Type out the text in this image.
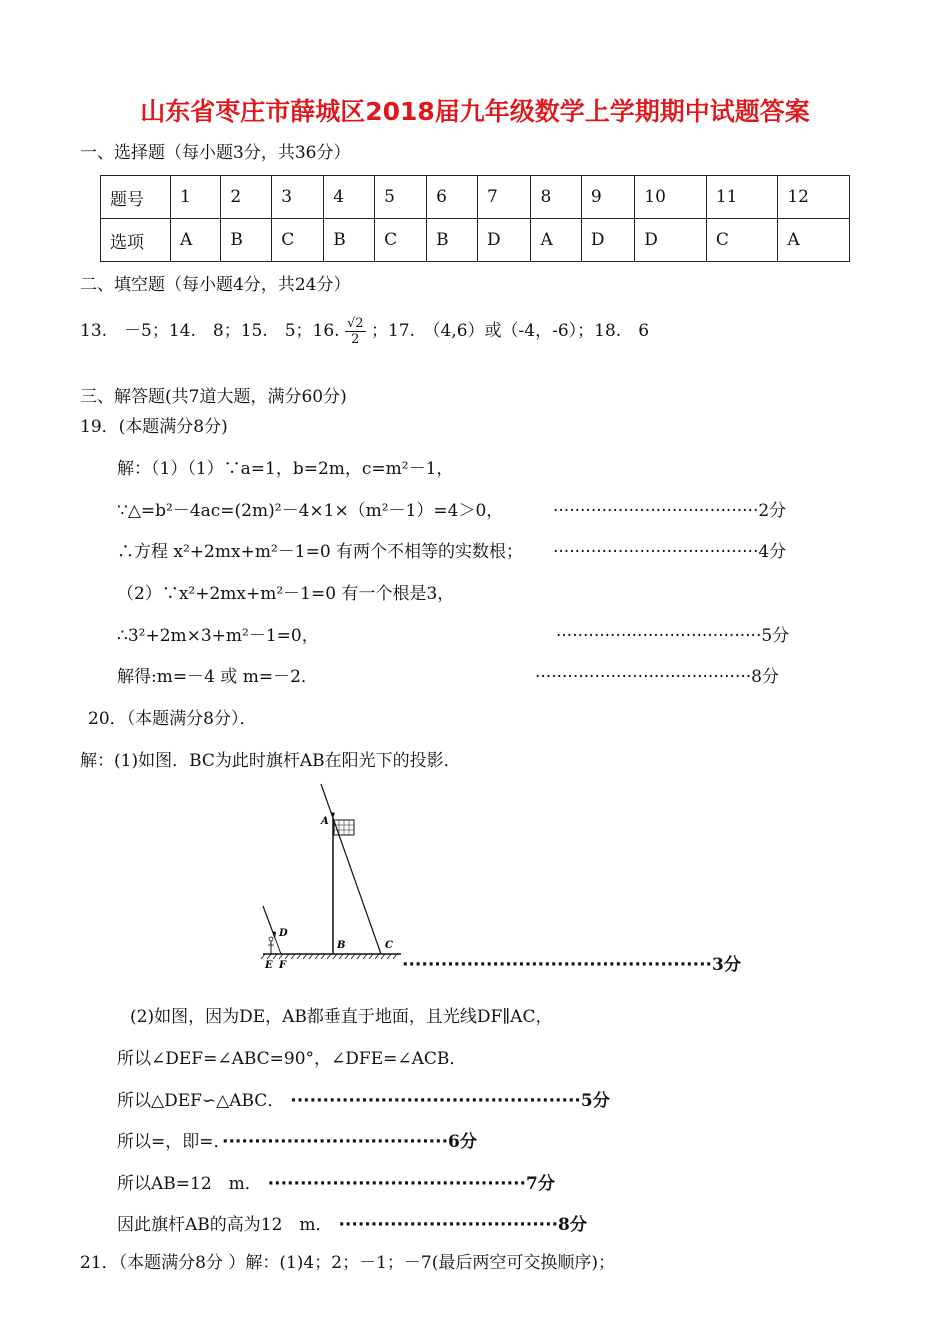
山东省枣庄市薛城区2018届九年级数学上学期期中试题答案
一、选择题（每小题3分，共36分）
题号	1	2	3	4	5	6	7	8	9	10	11	12
选项	A	B	C	B	C	B	D	A	D	D	C	A
二、填空题（每小题4分，共24分）
13.　－5；14.　8；15.　5；16. $\frac{√2}{2}$ ；17.　（4,6）或（-4，-6）；18.　6
三、解答题(共7道大题，满分60分)
19．(本题满分8分)
解：（1）（1）∵a=1，b=2m，c=m²－1，
∵△=b²－4ac=(2m)²－4×1×（m²－1）=4＞0，	······································2分
∴方程 x²+2mx+m²－1=0 有两个不相等的实数根； ······································4分
（2）∵x²+2mx+m²－1=0 有一个根是3，
∴3²+2m×3+m²－1=0，	······································5分
解得:m=－4 或 m=－2．	········································8分
20．（本题满分8分）．
解：(1)如图．BC为此时旗杆AB在阳光下的投影．
A
B	C
D
E F	················································3分
(2)如图，因为DE，AB都垂直于地面，且光线DF∥AC，
所以∠DEF=∠ABC=90°，∠DFE=∠ACB．
所以△DEF∽△ABC． ·············································5分
所以=，即=．···································6分
所以AB=12　m． ········································7分
因此旗杆AB的高为12　m． ··································8分
21．（本题满分8分 ）解：(1)4；2；－1；－7(最后两空可交换顺序)；
